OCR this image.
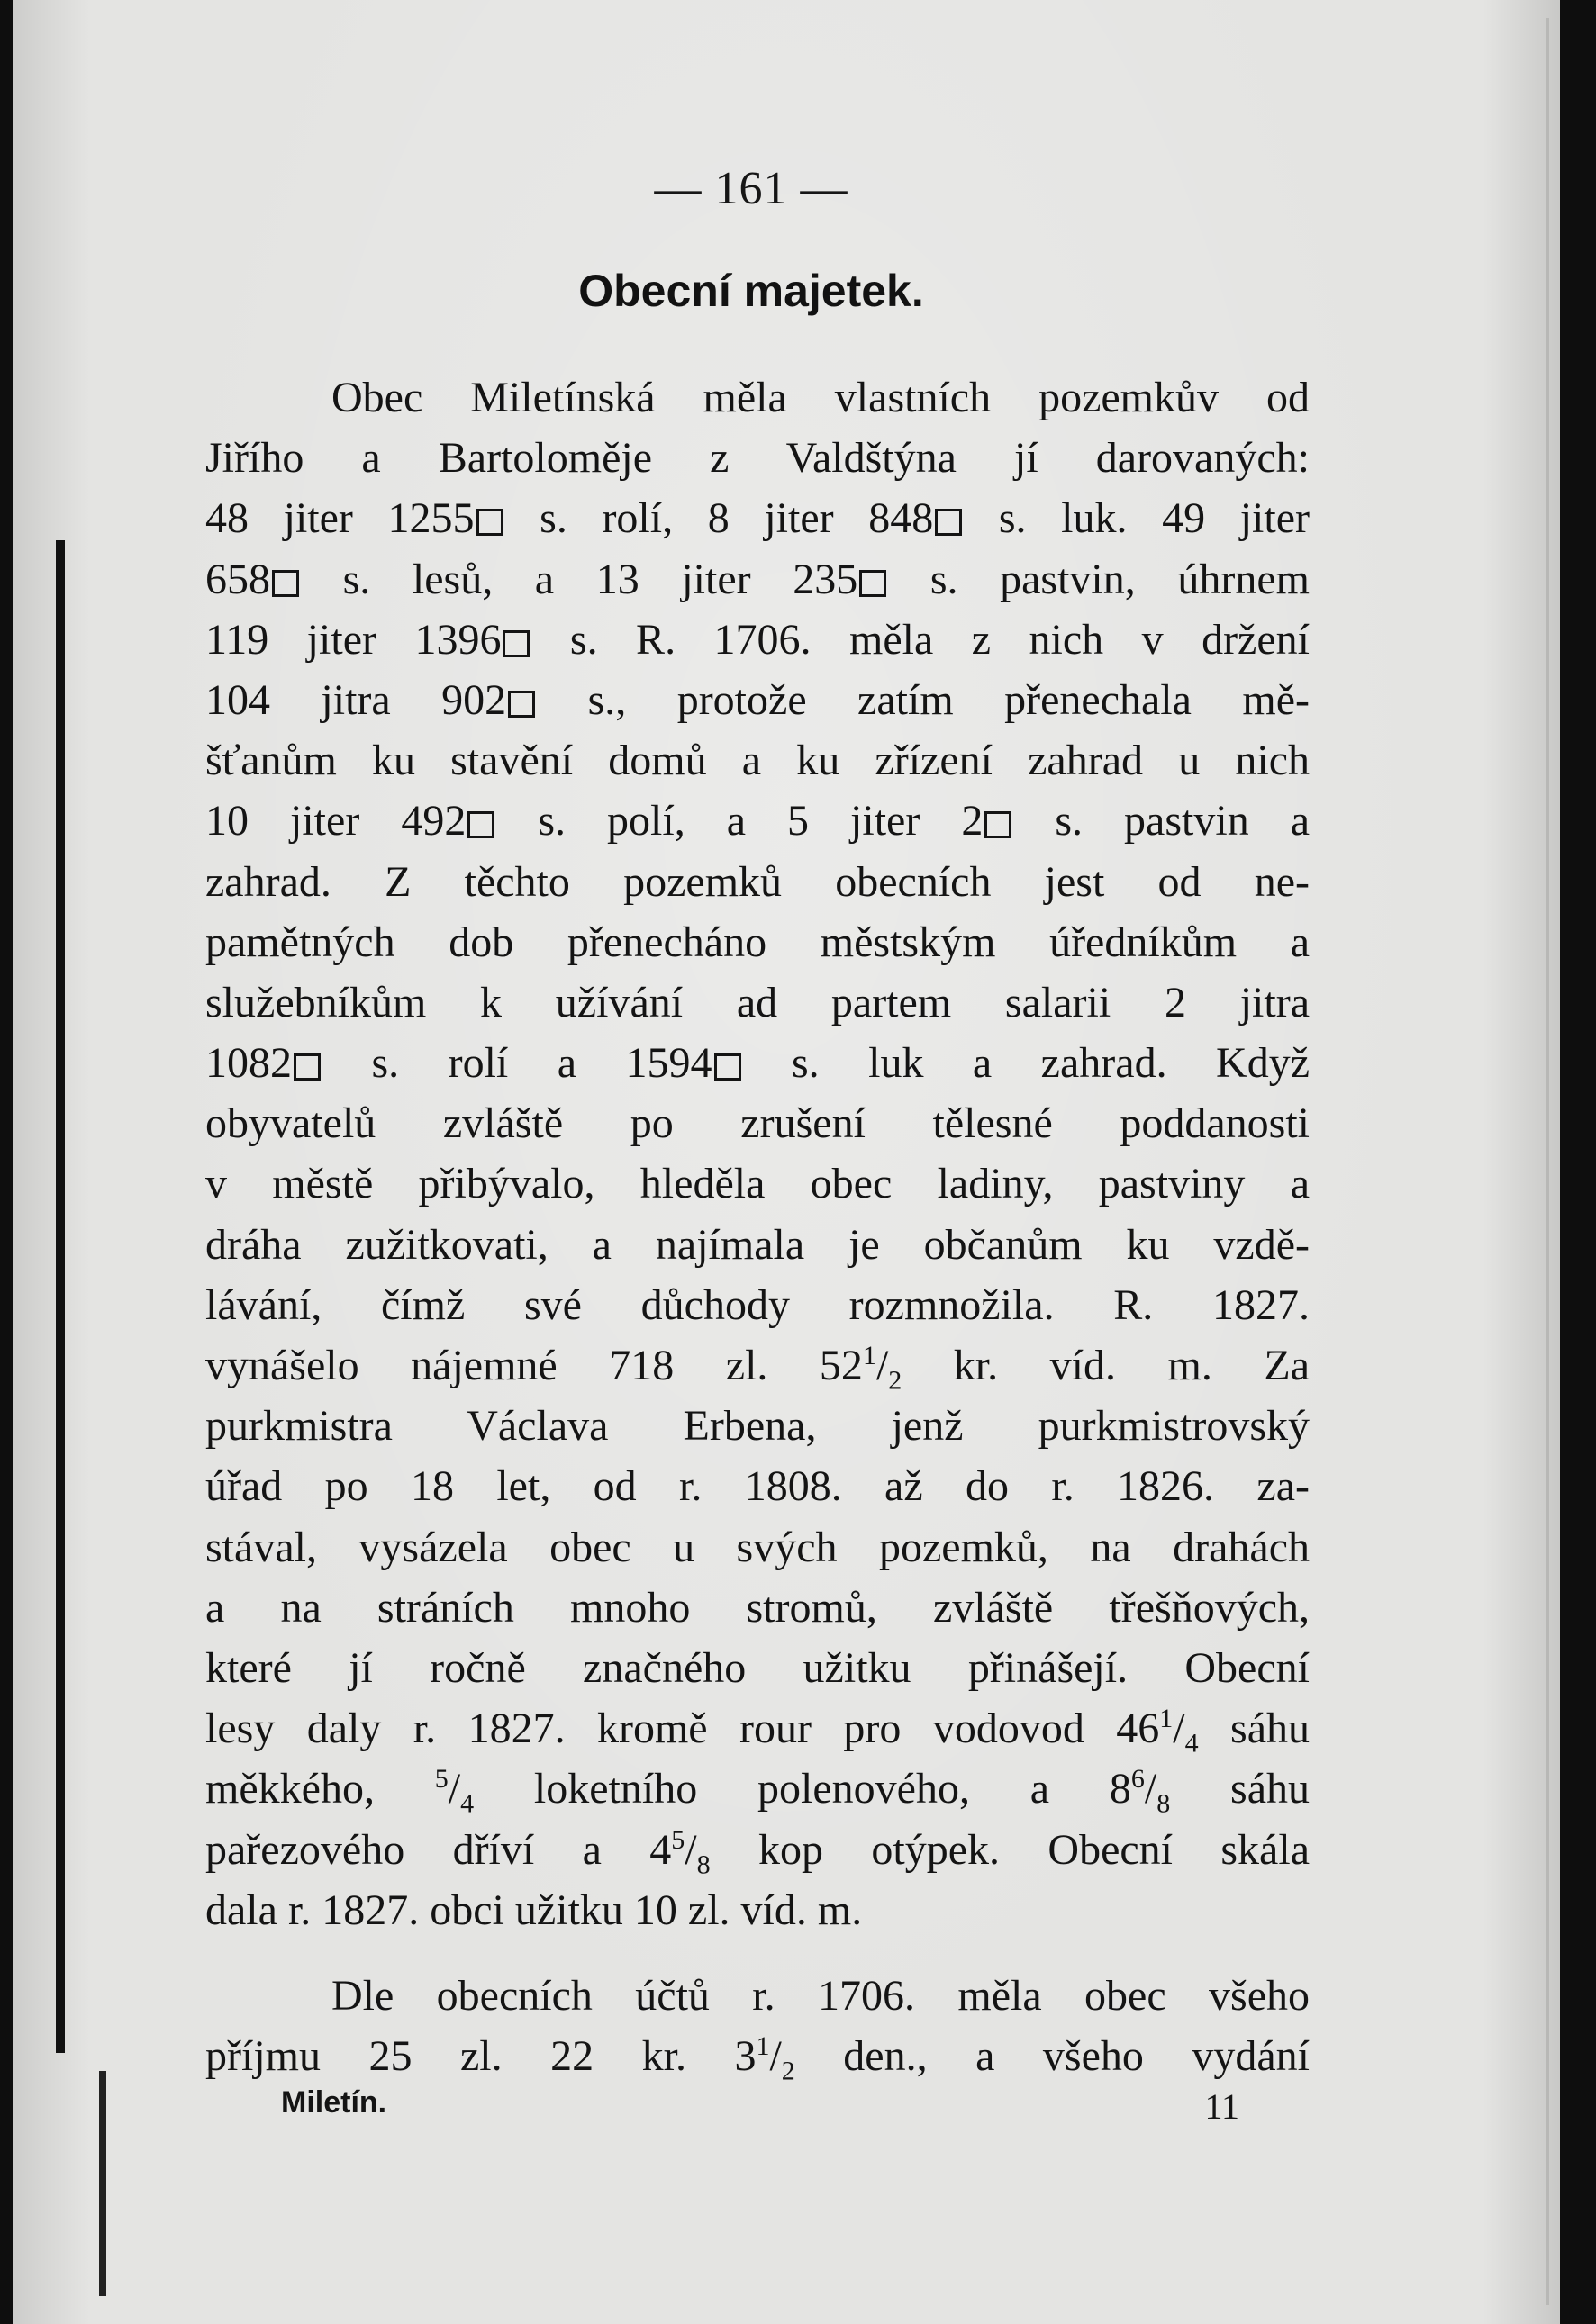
— 161 —
Obecní majetek.
Obec Miletínská měla vlastních pozemkův od
Jiřího a Bartoloměje z Valdštýna jí darovaných:
48 jiter 1255 s. rolí, 8 jiter 848 s. luk. 49 jiter
658 s. lesů, a 13 jiter 235 s. pastvin, úhrnem
119 jiter 1396 s. R. 1706. měla z nich v držení
104 jitra 902 s., protože zatím přenechala mě-
šťanům ku stavění domů a ku zřízení zahrad u nich
10 jiter 492 s. polí, a 5 jiter 2 s. pastvin a
zahrad. Z těchto pozemků obecních jest od ne-
pamětných dob přenecháno městským úředníkům a
služebníkům k užívání ad partem salarii 2 jitra
1082 s. rolí a 1594 s. luk a zahrad. Když
obyvatelů zvláště po zrušení tělesné poddanosti
v městě přibývalo, hleděla obec ladiny, pastviny a
dráha zužitkovati, a najímala je občanům ku vzdě-
lávání, čímž své důchody rozmnožila. R. 1827.
vynášelo nájemné 718 zl. $52^1/_2$ kr. víd. m. Za
purkmistra Václava Erbena, jenž purkmistrovský
úřad po 18 let, od r. 1808. až do r. 1826. za-
stával, vysázela obec u svých pozemků, na drahách
a na stráních mnoho stromů, zvláště třešňových,
které jí ročně značného užitku přinášejí. Obecní
lesy daly r. 1827. kromě rour pro vodovod $46^1/_4$ sáhu
měkkého, $^5/_4$ loketního polenového, a $8^6/_8$ sáhu
pařezového dříví a $4^5/_8$ kop otýpek. Obecní skála
dala r. 1827. obci užitku 10 zl. víd. m.
Dle obecních účtů r. 1706. měla obec všeho
příjmu 25 zl. 22 kr. $3^1/_2$ den., a všeho vydání
Miletín.	11
